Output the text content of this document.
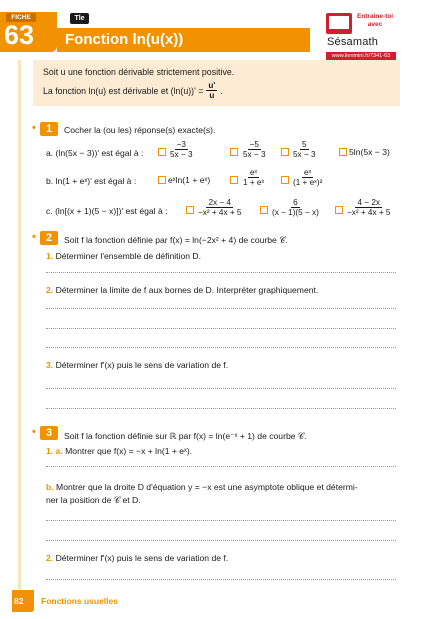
FICHE
63
Tle
Fonction ln(u(x))
Entraîne-toi avec
Sésamath
www.lienmini.fr/7341-63
Soit u une fonction dérivable strictement positive.
La fonction ln(u) est dérivable et $(\ln(u))' = \frac{u'}{u}$ .
• 1	Cocher la (ou les) réponse(s) exacte(s).
a. (ln(5x − 3))' est égal à :	$\frac{-3}{5x - 3}$	$\frac{-5}{5x - 3}$	$\frac{5}{5x - 3}$	5ln(5x − 3)
b. ln(1 + eˣ)' est égal à :	eˣln(1 + eˣ)	$\frac{\text{eˣ}}{\text{1 + eˣ}}$	$\frac{\text{eˣ}}{\text{(1 + eˣ)²}}$
c. (ln[(x + 1)(5 − x)])' est égal à :	$\frac{2x - 4}{\text{−x² + 4x + 5}}$	$\frac{6}{(x - 1)(5 - x)}$	$\frac{4 - 2x}{\text{−x² + 4x + 5}}$
• 2	Soit f la fonction définie par f(x) = ln(−2x² + 4) de courbe 𝒞.
1. Déterminer l'ensemble de définition D.
2. Déterminer la limite de f aux bornes de D. Interpréter graphiquement.
3. Déterminer f'(x) puis le sens de variation de f.
• 3	Soit f la fonction définie sur ℝ par f(x) = ln(e⁻ˣ + 1) de courbe 𝒞.
1. a. Montrer que f(x) = −x + ln(1 + eˣ).
b. Montrer que la droite D d'équation y = −x est une asymptote oblique et détermi-
ner la position de 𝒞 et D.
2. Déterminer f'(x) puis le sens de variation de f.
82 Fonctions usuelles
